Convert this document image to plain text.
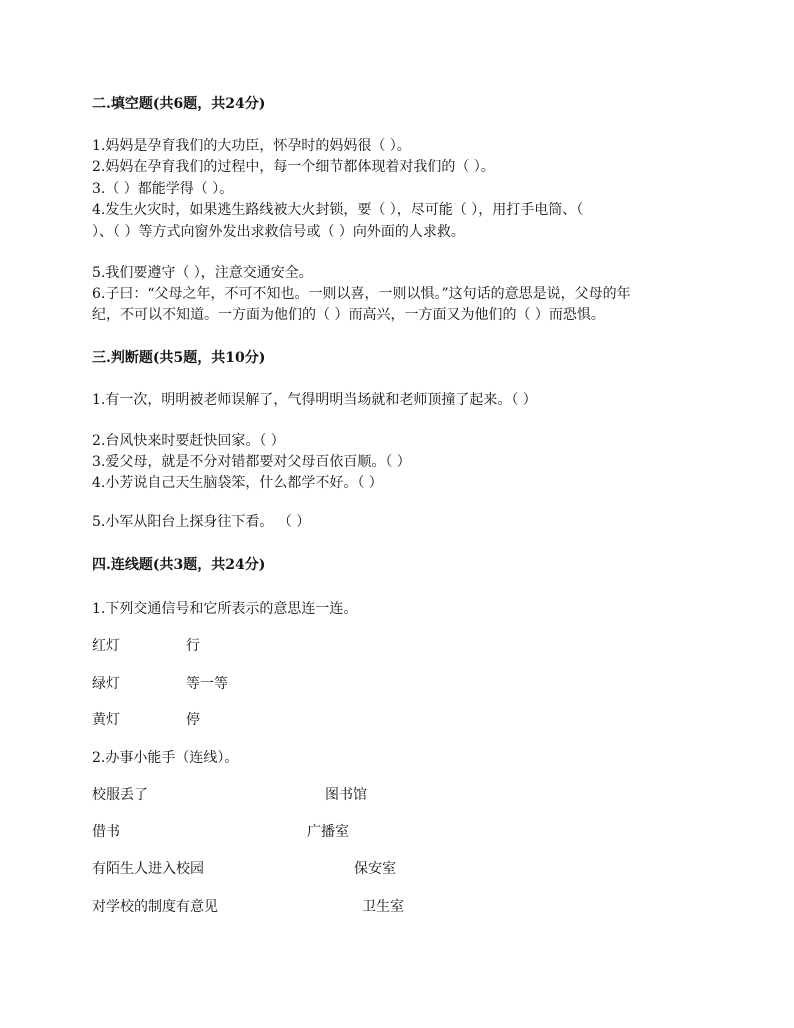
二.填空题(共6题，共24分)
1.妈妈是孕育我们的大功臣，怀孕时的妈妈很（ ）。
2.妈妈在孕育我们的过程中，每一个细节都体现着对我们的（ ）。
3.（ ）都能学得（ ）。
4.发生火灾时，如果逃生路线被大火封锁，要（ ），尽可能（ ），用打手电筒、（
）、（ ）等方式向窗外发出求救信号或（ ）向外面的人求救。
5.我们要遵守（ ），注意交通安全。
6.子曰：“父母之年，不可不知也。一则以喜，一则以惧。”这句话的意思是说，父母的年
纪，不可以不知道。一方面为他们的（ ）而高兴，一方面又为他们的（ ）而恐惧。
三.判断题(共5题，共10分)
1.有一次，明明被老师误解了，气得明明当场就和老师顶撞了起来。（ ）
2.台风快来时要赶快回家。（ ）
3.爱父母，就是不分对错都要对父母百依百顺。（ ）
4.小芳说自己天生脑袋笨，什么都学不好。（ ）
5.小军从阳台上探身往下看。 （ ）
四.连线题(共3题，共24分)
1.下列交通信号和它所表示的意思连一连。
红灯	行
绿灯	等一等
黄灯	停
2.办事小能手（连线）。
校服丢了	图书馆
借书	广播室
有陌生人进入校园	保安室
对学校的制度有意见	卫生室
